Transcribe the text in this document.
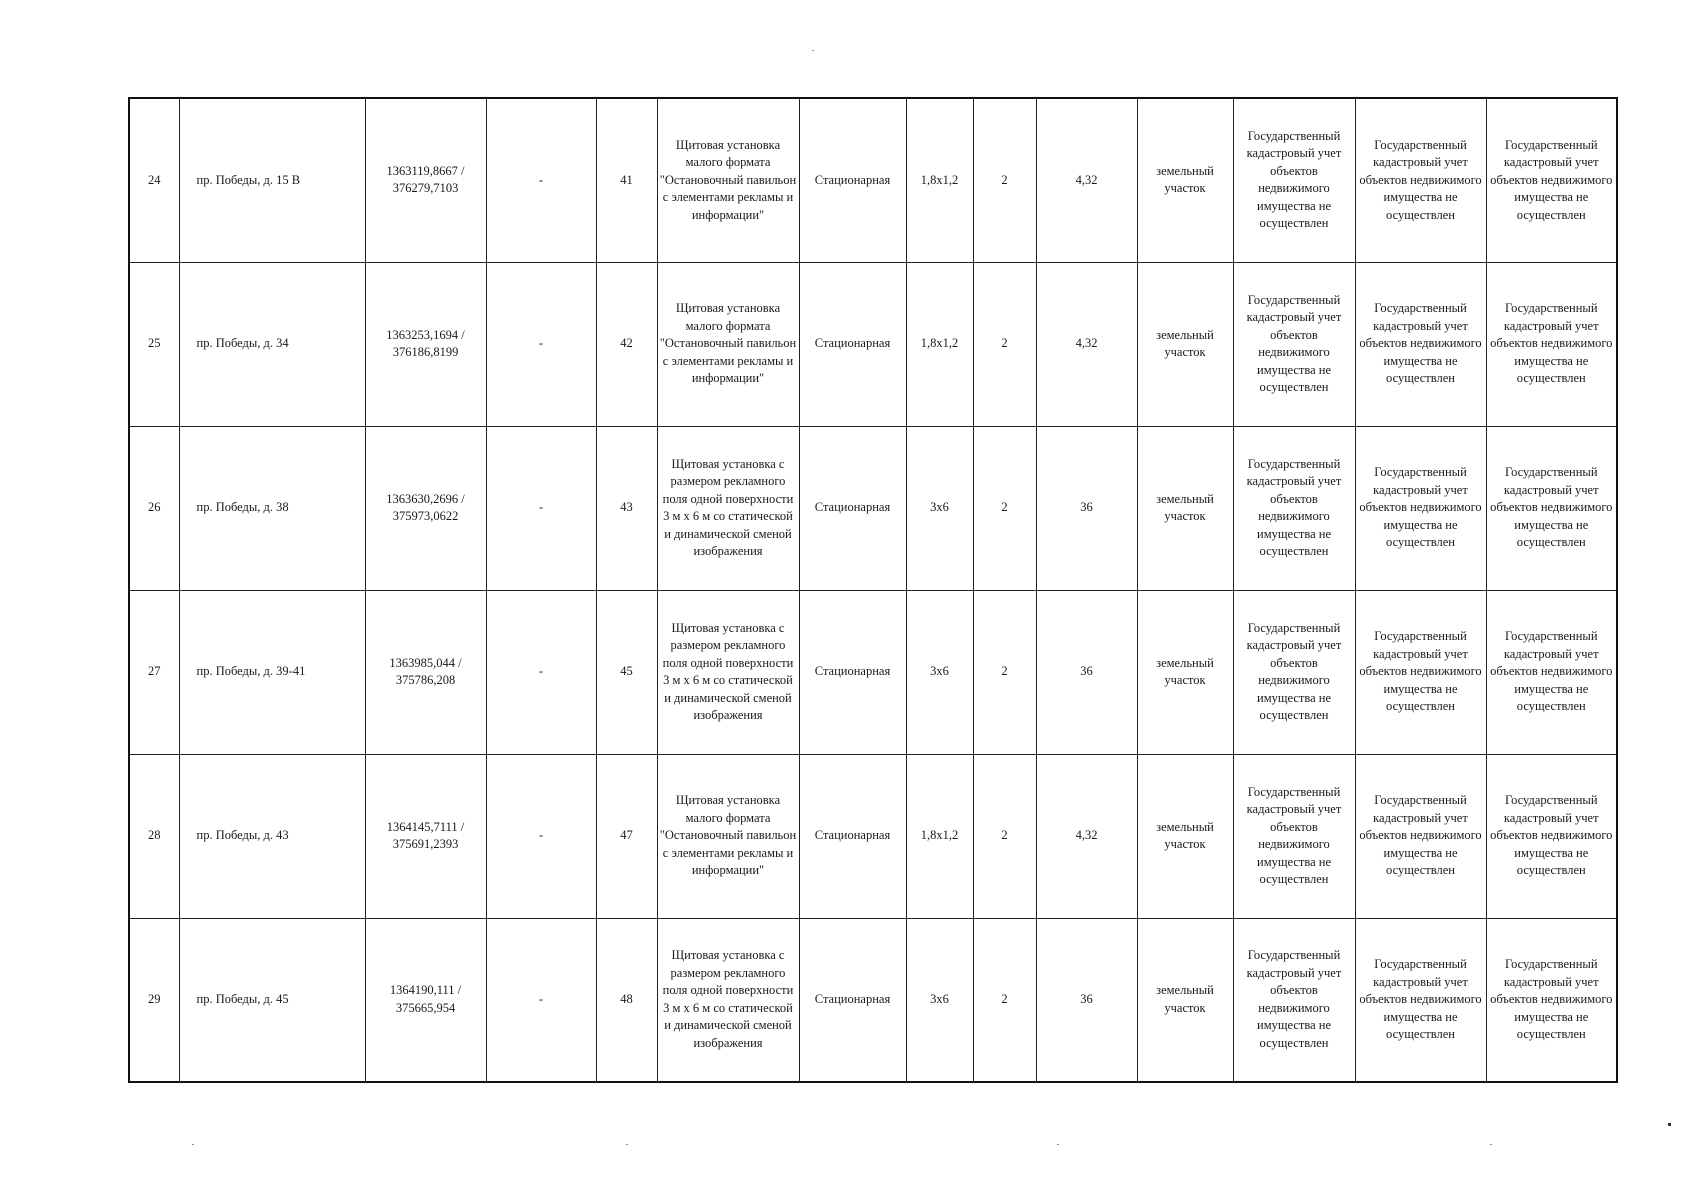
24	пр. Победы, д. 15 В	1363119,8667 / 376279,7103	-	41	Щитовая установка малого формата "Остановочный павильон с элементами рекламы и информации"	Стационарная	1,8х1,2	2	4,32	земельный участок	Государственный кадастровый учет объектов недвижимого имущества не осуществлен	Государственный кадастровый учет объектов недвижимого имущества не осуществлен	Государственный кадастровый учет объектов недвижимого имущества не осуществлен
25	пр. Победы, д. 34	1363253,1694 / 376186,8199	-	42	Щитовая установка малого формата "Остановочный павильон с элементами рекламы и информации"	Стационарная	1,8х1,2	2	4,32	земельный участок	Государственный кадастровый учет объектов недвижимого имущества не осуществлен	Государственный кадастровый учет объектов недвижимого имущества не осуществлен	Государственный кадастровый учет объектов недвижимого имущества не осуществлен
26	пр. Победы, д. 38	1363630,2696 / 375973,0622	-	43	Щитовая установка с размером рекламного поля одной поверхности 3 м х 6 м со статической и динамической сменой изображения	Стационарная	3х6	2	36	земельный участок	Государственный кадастровый учет объектов недвижимого имущества не осуществлен	Государственный кадастровый учет объектов недвижимого имущества не осуществлен	Государственный кадастровый учет объектов недвижимого имущества не осуществлен
27	пр. Победы, д. 39-41	1363985,044 / 375786,208	-	45	Щитовая установка с размером рекламного поля одной поверхности 3 м х 6 м со статической и динамической сменой изображения	Стационарная	3х6	2	36	земельный участок	Государственный кадастровый учет объектов недвижимого имущества не осуществлен	Государственный кадастровый учет объектов недвижимого имущества не осуществлен	Государственный кадастровый учет объектов недвижимого имущества не осуществлен
28	пр. Победы, д. 43	1364145,7111 / 375691,2393	-	47	Щитовая установка малого формата "Остановочный павильон с элементами рекламы и информации"	Стационарная	1,8х1,2	2	4,32	земельный участок	Государственный кадастровый учет объектов недвижимого имущества не осуществлен	Государственный кадастровый учет объектов недвижимого имущества не осуществлен	Государственный кадастровый учет объектов недвижимого имущества не осуществлен
29	пр. Победы, д. 45	1364190,111 / 375665,954	-	48	Щитовая установка с размером рекламного поля одной поверхности 3 м х 6 м со статической и динамической сменой изображения	Стационарная	3х6	2	36	земельный участок	Государственный кадастровый учет объектов недвижимого имущества не осуществлен	Государственный кадастровый учет объектов недвижимого имущества не осуществлен	Государственный кадастровый учет объектов недвижимого имущества не осуществлен
